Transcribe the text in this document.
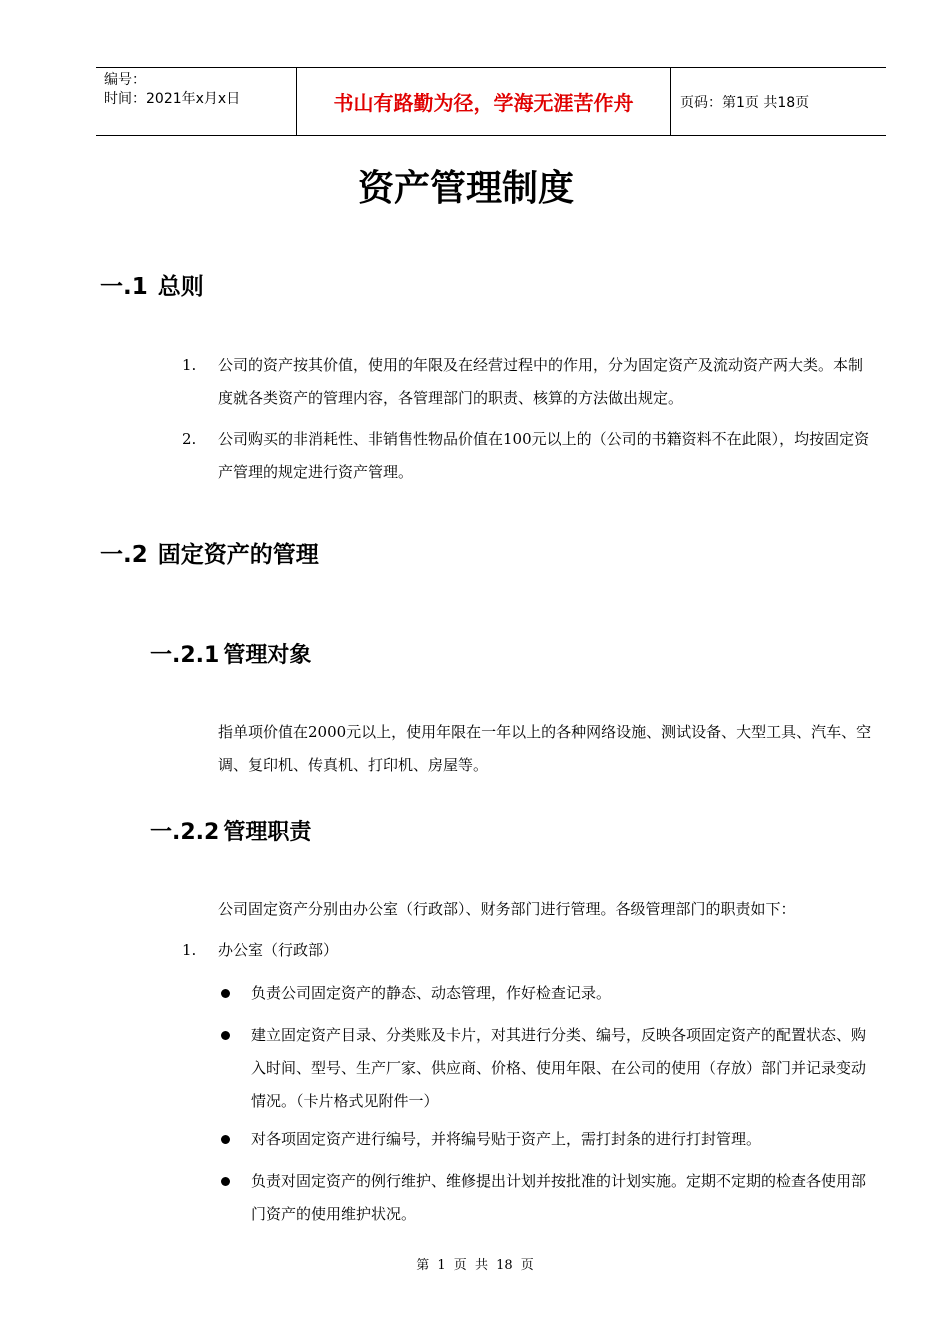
编号：
时间：2021年x月x日	书山有路勤为径，学海无涯苦作舟	页码：第1页 共18页
资产管理制度
一.1 总则
1.	公司的资产按其价值，使用的年限及在经营过程中的作用，分为固定资产及流动资产两大类。本制度就各类资产的管理内容，各管理部门的职责、核算的方法做出规定。
2.	公司购买的非消耗性、非销售性物品价值在100元以上的（公司的书籍资料不在此限），均按固定资产管理的规定进行资产管理。
一.2 固定资产的管理
一.2.1 管理对象
指单项价值在2000元以上，使用年限在一年以上的各种网络设施、测试设备、大型工具、汽车、空调、复印机、传真机、打印机、房屋等。
一.2.2 管理职责
公司固定资产分别由办公室（行政部）、财务部门进行管理。各级管理部门的职责如下：
1.	办公室（行政部）
负责公司固定资产的静态、动态管理，作好检查记录。
建立固定资产目录、分类账及卡片，对其进行分类、编号，反映各项固定资产的配置状态、购入时间、型号、生产厂家、供应商、价格、使用年限、在公司的使用（存放）部门并记录变动情况。（卡片格式见附件一）
对各项固定资产进行编号，并将编号贴于资产上，需打封条的进行打封管理。
负责对固定资产的例行维护、维修提出计划并按批准的计划实施。定期不定期的检查各使用部门资产的使用维护状况。
第 1 页 共 18 页
